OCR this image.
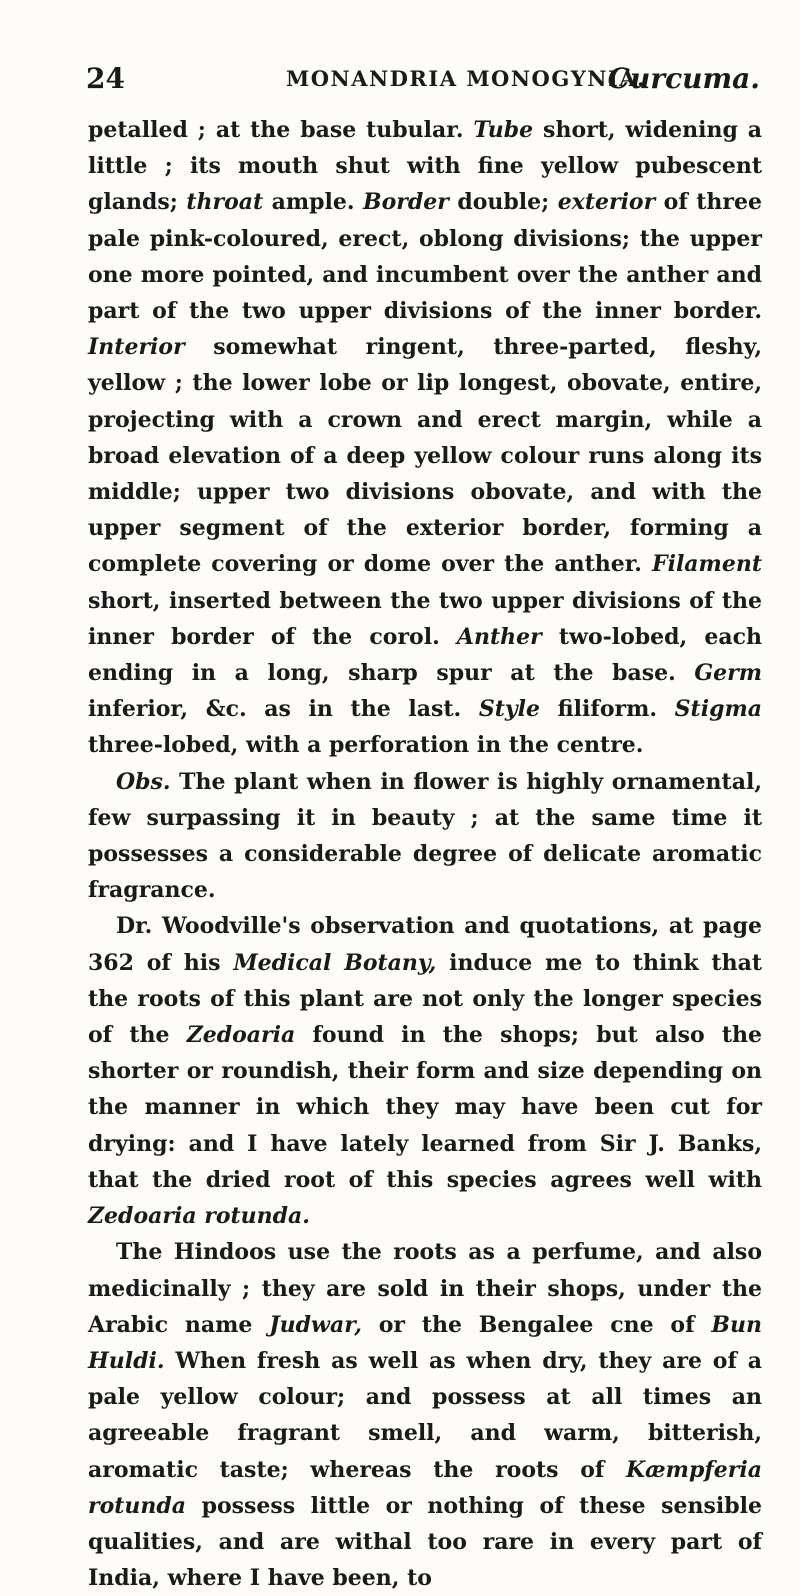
24	MONANDRIA MONOGYNIA.
Curcuma.

petalled ; at the base tubular. Tube short, widening a little ; its mouth shut with fine yellow pubescent glands; throat ample. Border double; exterior of three pale pink-coloured, erect, oblong divisions; the upper one more pointed, and incumbent over the anther and part of the two upper divisions of the inner border. Interior somewhat ringent, three-parted, fleshy, yellow ; the lower lobe or lip longest, obovate, entire, projecting with a crown and erect margin, while a broad elevation of a deep yellow colour runs along its middle; upper two divisions obovate, and with the upper segment of the exterior border, forming a complete covering or dome over the anther. Filament short, inserted between the two upper divisions of the inner border of the corol. Anther two-lobed, each ending in a long, sharp spur at the base. Germ inferior, &c. as in the last. Style filiform. Stigma three-lobed, with a perforation in the centre.

Obs. The plant when in flower is highly ornamental, few surpassing it in beauty ; at the same time it possesses a considerable degree of delicate aromatic fragrance.

Dr. Woodville's observation and quotations, at page 362 of his Medical Botany, induce me to think that the roots of this plant are not only the longer species of the Zedoaria found in the shops; but also the shorter or roundish, their form and size depending on the manner in which they may have been cut for drying: and I have lately learned from Sir J. Banks, that the dried root of this species agrees well with Zedoaria rotunda.

The Hindoos use the roots as a perfume, and also medicinally ; they are sold in their shops, under the Arabic name Judwar, or the Bengalee cne of Bun Huldi. When fresh as well as when dry, they are of a pale yellow colour; and possess at all times an agreeable fragrant smell, and warm, bitterish, aromatic taste; whereas the roots of Kæmpferia rotunda possess little or nothing of these sensible qualities, and are withal too rare in every part of India, where I have been, to
